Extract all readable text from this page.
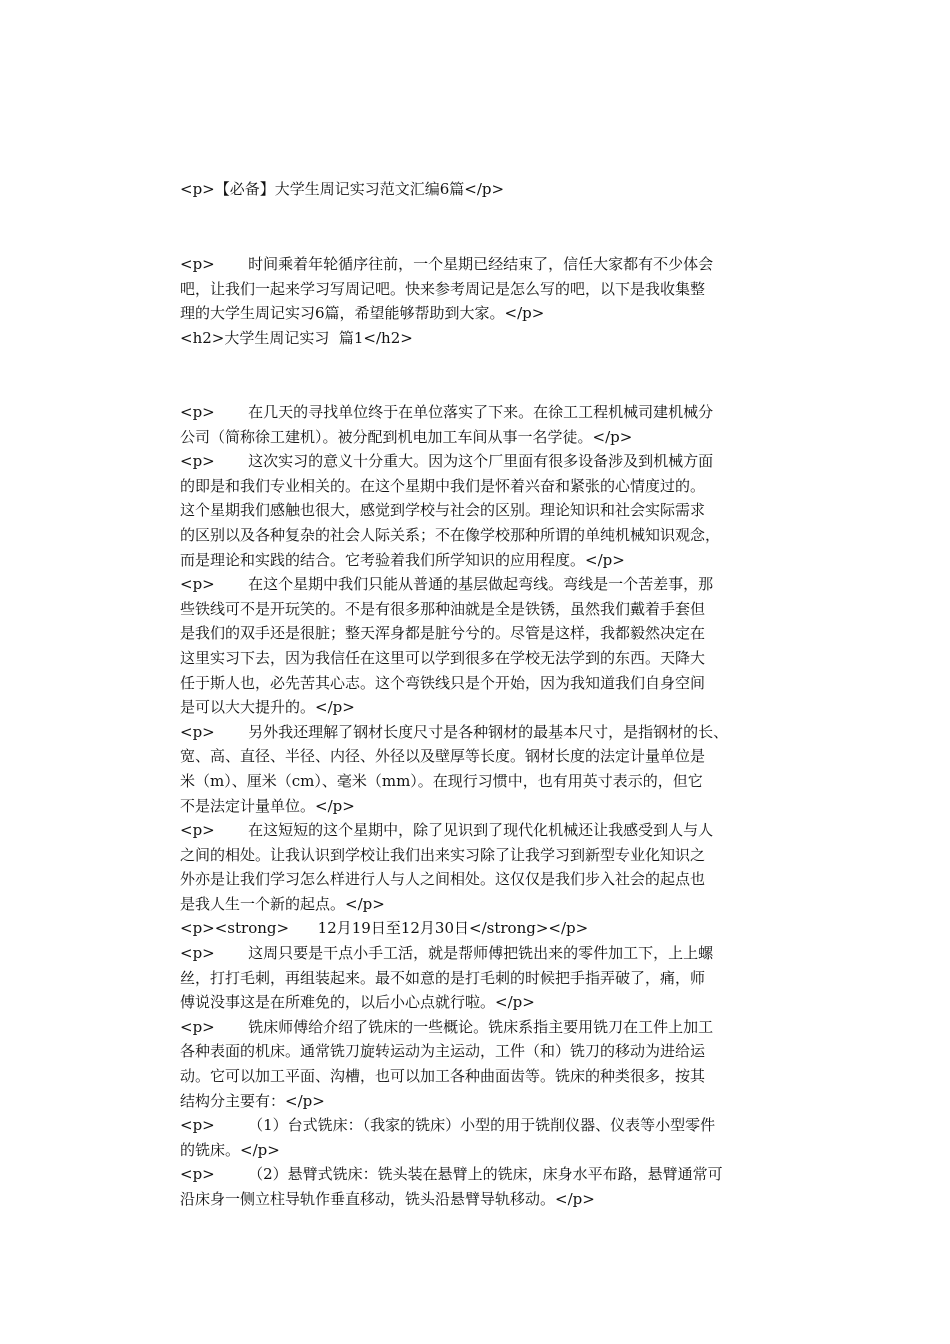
<p>【必备】大学生周记实习范文汇编6篇</p>
<p>       时间乘着年轮循序往前，一个星期已经结束了，信任大家都有不少体会
吧，让我们一起来学习写周记吧。快来参考周记是怎么写的吧，以下是我收集整
理的大学生周记实习6篇，希望能够帮助到大家。</p>
<h2>大学生周记实习  篇1</h2>
<p>       在几天的寻找单位终于在单位落实了下来。在徐工工程机械司建机械分
公司（简称徐工建机）。被分配到机电加工车间从事一名学徒。</p>
<p>       这次实习的意义十分重大。因为这个厂里面有很多设备涉及到机械方面
的即是和我们专业相关的。在这个星期中我们是怀着兴奋和紧张的心情度过的。
这个星期我们感触也很大，感觉到学校与社会的区别。理论知识和社会实际需求
的区别以及各种复杂的社会人际关系；不在像学校那种所谓的单纯机械知识观念，
而是理论和实践的结合。它考验着我们所学知识的应用程度。</p>
<p>       在这个星期中我们只能从普通的基层做起弯线。弯线是一个苦差事，那
些铁线可不是开玩笑的。不是有很多那种油就是全是铁锈，虽然我们戴着手套但
是我们的双手还是很脏；整天浑身都是脏兮兮的。尽管是这样，我都毅然决定在
这里实习下去，因为我信任在这里可以学到很多在学校无法学到的东西。天降大
任于斯人也，必先苦其心志。这个弯铁线只是个开始，因为我知道我们自身空间
是可以大大提升的。</p>
<p>       另外我还理解了钢材长度尺寸是各种钢材的最基本尺寸，是指钢材的长、
宽、高、直径、半径、内径、外径以及壁厚等长度。钢材长度的法定计量单位是
米（m）、厘米（cm）、毫米（mm）。在现行习惯中，也有用英寸表示的，但它
不是法定计量单位。</p>
<p>       在这短短的这个星期中，除了见识到了现代化机械还让我感受到人与人
之间的相处。让我认识到学校让我们出来实习除了让我学习到新型专业化知识之
外亦是让我们学习怎么样进行人与人之间相处。这仅仅是我们步入社会的起点也
是我人生一个新的起点。</p>
<p><strong>      12月19日至12月30日</strong></p>
<p>       这周只要是干点小手工活，就是帮师傅把铣出来的零件加工下，上上螺
丝，打打毛刺，再组装起来。最不如意的是打毛刺的时候把手指弄破了，痛，师
傅说没事这是在所难免的，以后小心点就行啦。</p>
<p>       铣床师傅给介绍了铣床的一些概论。铣床系指主要用铣刀在工件上加工
各种表面的机床。通常铣刀旋转运动为主运动，工件（和）铣刀的移动为进给运
动。它可以加工平面、沟槽，也可以加工各种曲面齿等。铣床的种类很多，按其
结构分主要有：</p>
<p>       （1）台式铣床：（我家的铣床）小型的用于铣削仪器、仪表等小型零件
的铣床。</p>
<p>       （2）悬臂式铣床：铣头装在悬臂上的铣床，床身水平布路，悬臂通常可
沿床身一侧立柱导轨作垂直移动，铣头沿悬臂导轨移动。</p>
